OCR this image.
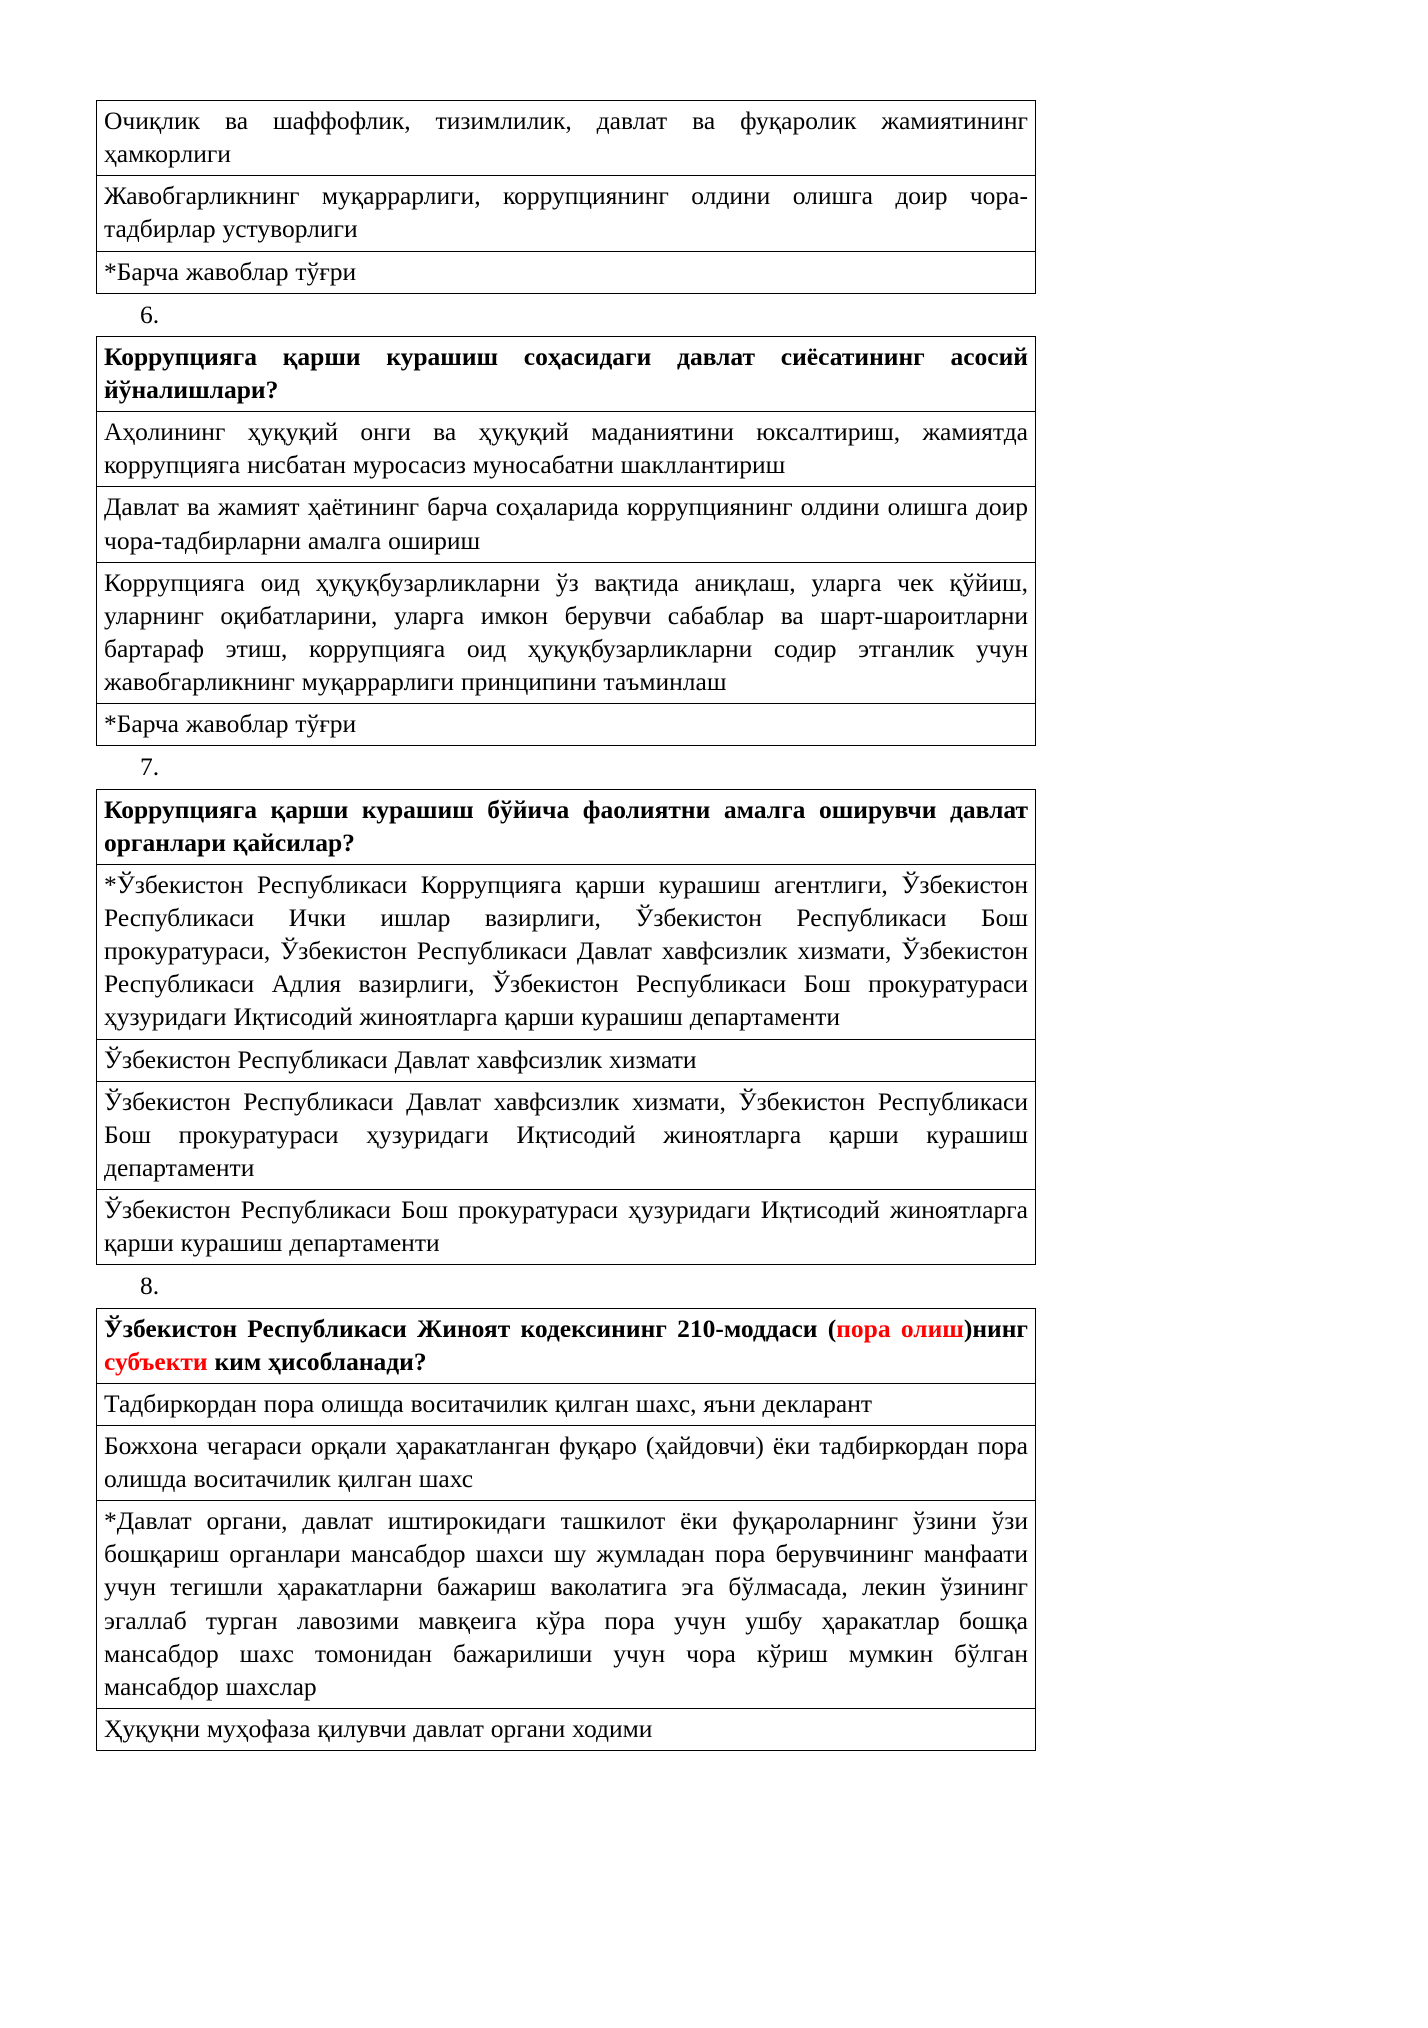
Очиқлик ва шаффофлик, тизимлилик, давлат ва фуқаролик жамиятининг ҳамкорлиги
Жавобгарликнинг муқаррарлиги, коррупциянинг олдини олишга доир чора-тадбирлар устуворлиги
*Барча жавоблар тўғри
6.
Коррупцияга қарши курашиш соҳасидаги давлат сиёсатининг асосий йўналишлари?
Аҳолининг ҳуқуқий онги ва ҳуқуқий маданиятини юксалтириш, жамиятда коррупцияга нисбатан муросасиз муносабатни шакллантириш
Давлат ва жамият ҳаётининг барча соҳаларида коррупциянинг олдини олишга доир чора-тадбирларни амалга ошириш
Коррупцияга оид ҳуқуқбузарликларни ўз вақтида аниқлаш, уларга чек қўйиш, уларнинг оқибатларини, уларга имкон берувчи сабаблар ва шарт-шароитларни бартараф этиш, коррупцияга оид ҳуқуқбузарликларни содир этганлик учун жавобгарликнинг муқаррарлиги принципини таъминлаш
*Барча жавоблар тўғри
7.
Коррупцияга қарши курашиш бўйича фаолиятни амалга оширувчи давлат органлари қайсилар?
*Ўзбекистон Республикаси Коррупцияга қарши курашиш агентлиги, Ўзбекистон Республикаси Ички ишлар вазирлиги, Ўзбекистон Республикаси Бош прокуратураси, Ўзбекистон Республикаси Давлат хавфсизлик хизмати, Ўзбекистон Республикаси Адлия вазирлиги, Ўзбекистон Республикаси Бош прокуратураси ҳузуридаги Иқтисодий жиноятларга қарши курашиш департаменти
Ўзбекистон Республикаси Давлат хавфсизлик хизмати
Ўзбекистон Республикаси Давлат хавфсизлик хизмати, Ўзбекистон Республикаси Бош прокуратураси ҳузуридаги Иқтисодий жиноятларга қарши курашиш департаменти
Ўзбекистон Республикаси Бош прокуратураси ҳузуридаги Иқтисодий жиноятларга қарши курашиш департаменти
8.
Ўзбекистон Республикаси Жиноят кодексининг 210-моддаси (пора олиш)нинг субъекти ким ҳисобланади?
Тадбиркордан пора олишда воситачилик қилган шахс, яъни декларант
Божхона чегараси орқали ҳаракатланган фуқаро (ҳайдовчи) ёки тадбиркордан пора олишда воситачилик қилган шахс
*Давлат органи, давлат иштирокидаги ташкилот ёки фуқароларнинг ўзини ўзи бошқариш органлари мансабдор шахси шу жумладан пора берувчининг манфаати учун тегишли ҳаракатларни бажариш ваколатига эга бўлмасада, лекин ўзининг эгаллаб турган лавозими мавқеига кўра пора учун ушбу ҳаракатлар бошқа мансабдор шахс томонидан бажарилиши учун чора кўриш мумкин бўлган мансабдор шахслар
Ҳуқуқни муҳофаза қилувчи давлат органи ходими
